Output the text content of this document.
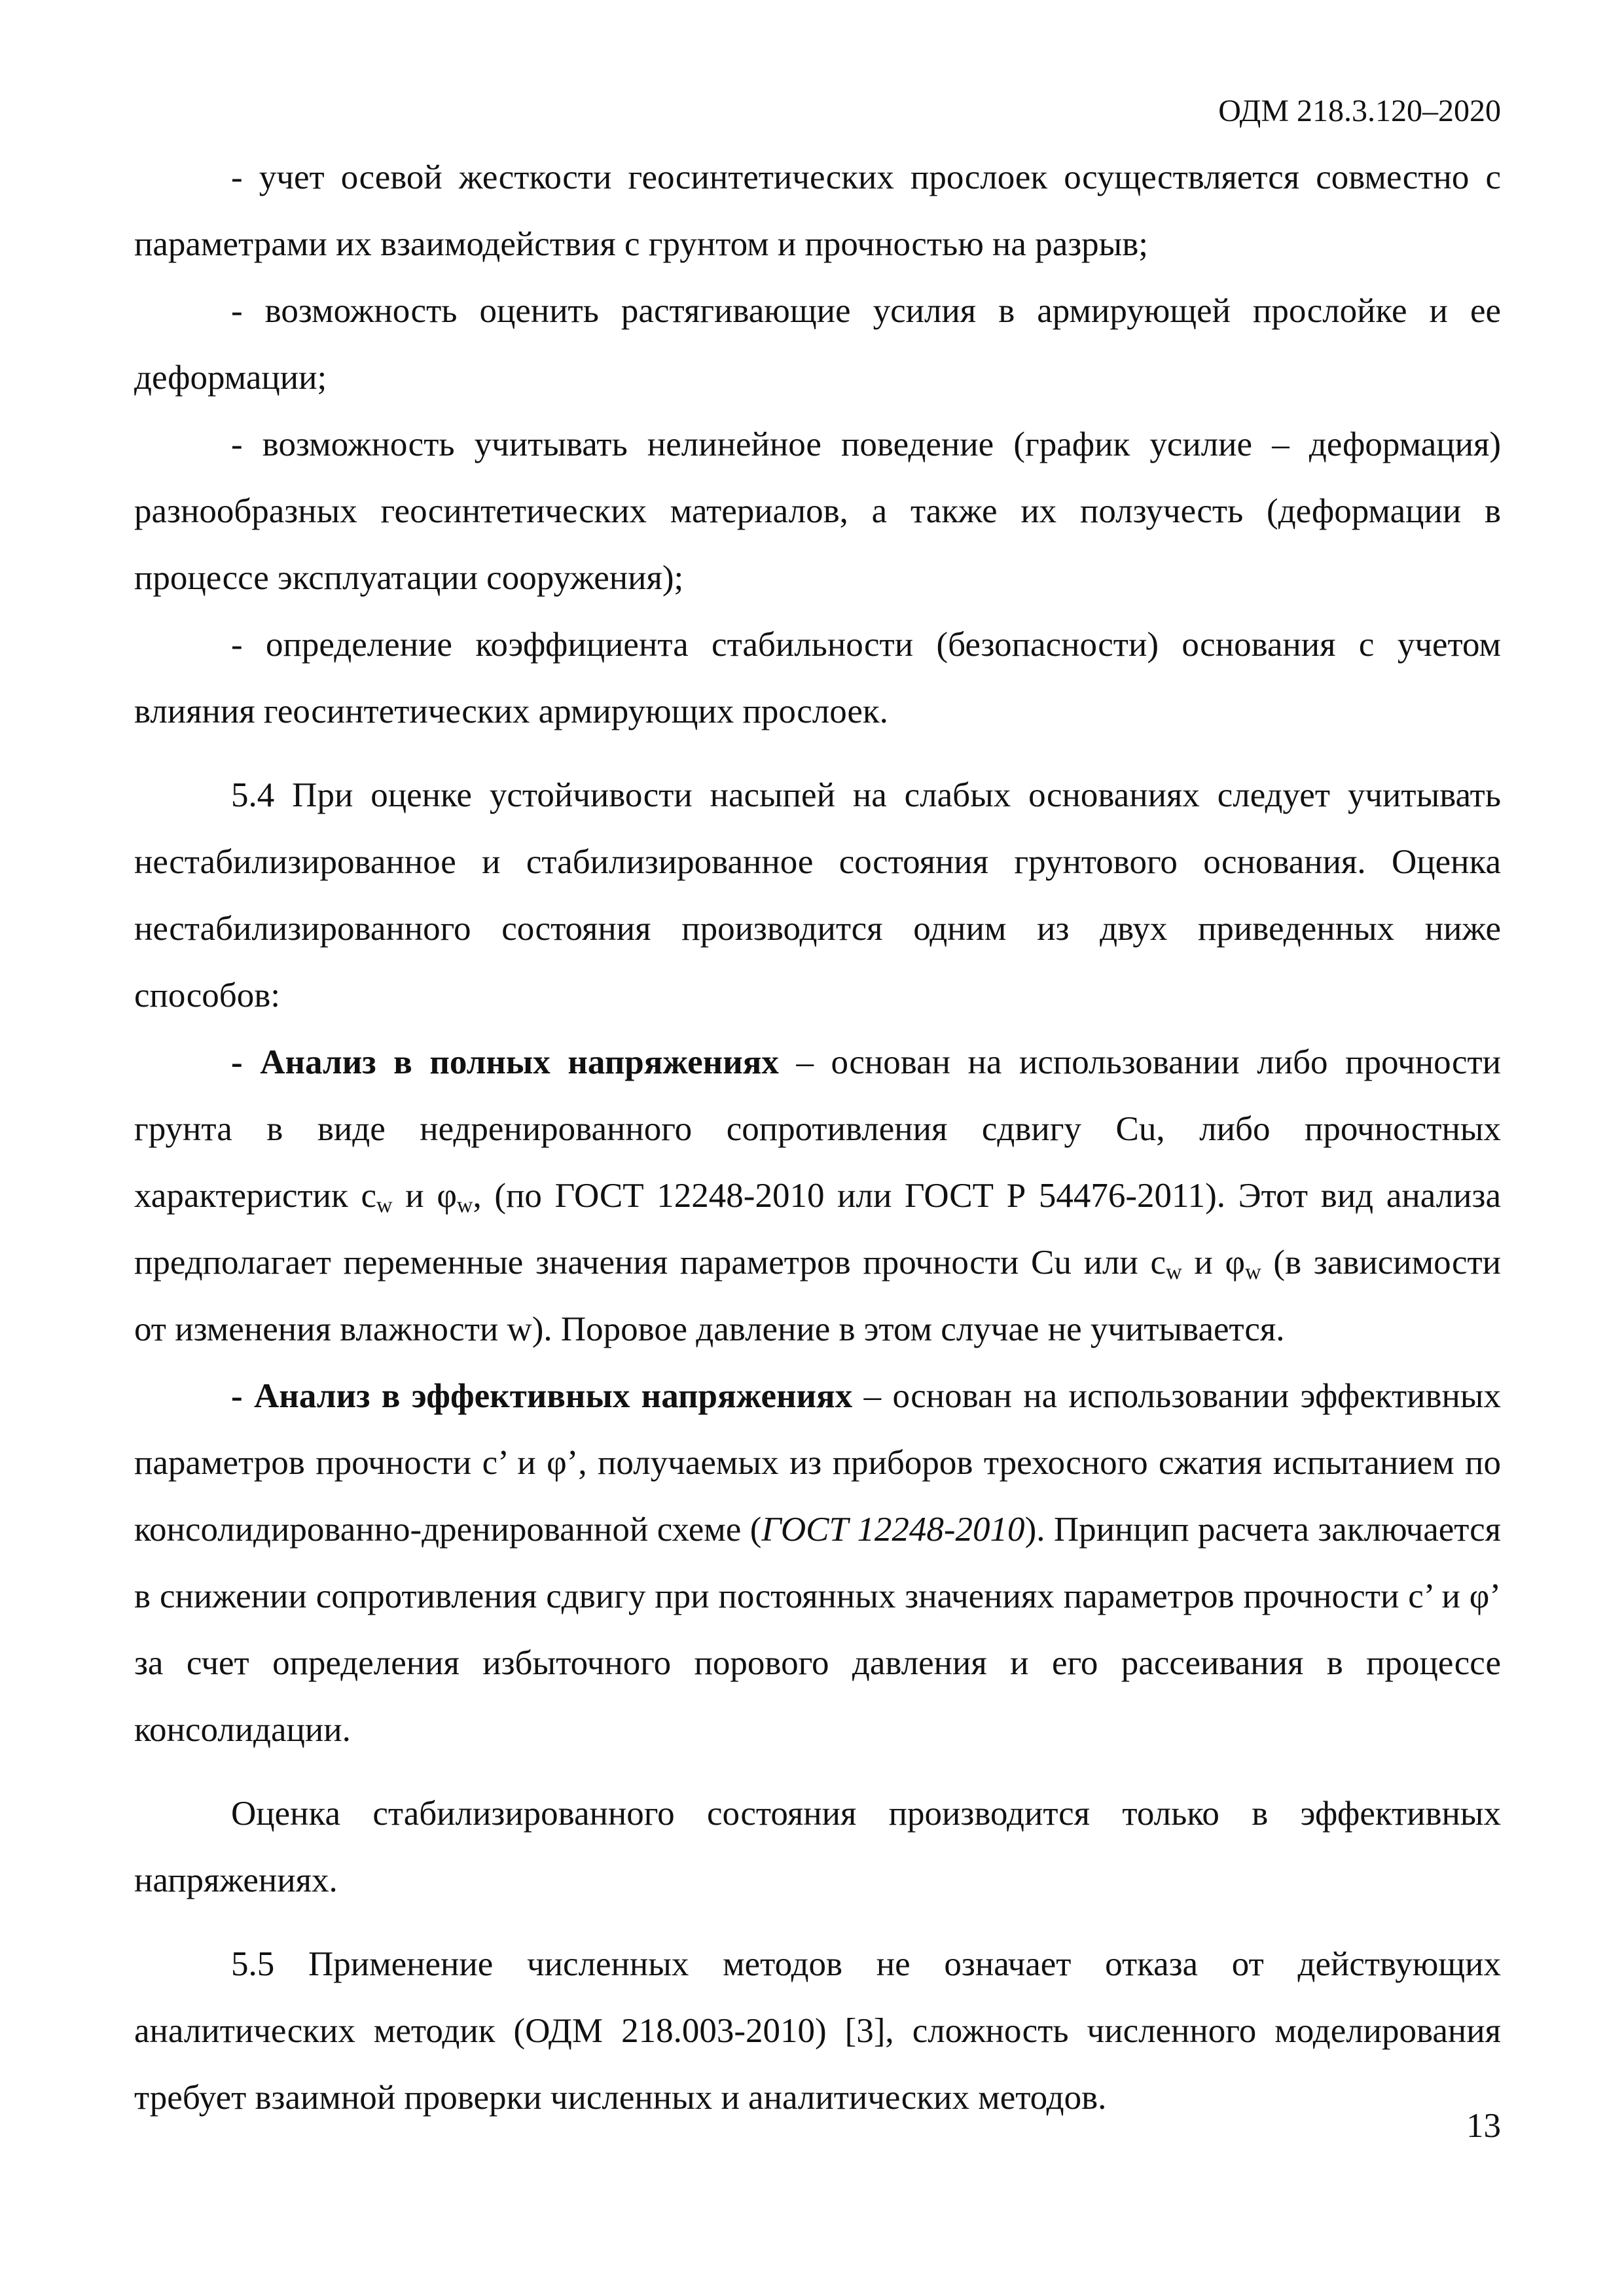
ОДМ 218.3.120–2020

- учет осевой жесткости геосинтетических прослоек осуществляется совместно с параметрами их взаимодействия с грунтом и прочностью на разрыв;

- возможность оценить растягивающие усилия в армирующей прослойке и ее деформации;

- возможность учитывать нелинейное поведение (график усилие – деформация) разнообразных геосинтетических материалов, а также их ползучесть (деформации в процессе эксплуатации сооружения);

- определение коэффициента стабильности (безопасности) основания с учетом влияния геосинтетических армирующих прослоек.

5.4 При оценке устойчивости насыпей на слабых основаниях следует учитывать нестабилизированное и стабилизированное состояния грунтового основания. Оценка нестабилизированного состояния производится одним из двух приведенных ниже способов:

- Анализ в полных напряжениях – основан на использовании либо прочности грунта в виде недренированного сопротивления сдвигу Cu, либо прочностных характеристик $c_w$ и $\varphi_w$, (по ГОСТ 12248-2010 или ГОСТ Р 54476-2011). Этот вид анализа предполагает переменные значения параметров прочности Cu или $c_w$ и $\varphi_w$ (в зависимости от изменения влажности w). Поровое давление в этом случае не учитывается.

- Анализ в эффективных напряжениях – основан на использовании эффективных параметров прочности c’ и φ’, получаемых из приборов трехосного сжатия испытанием по консолидированно-дренированной схеме (ГОСТ 12248-2010). Принцип расчета заключается в снижении сопротивления сдвигу при постоянных значениях параметров прочности c’ и φ’ за счет определения избыточного порового давления и его рассеивания в процессе консолидации.

Оценка стабилизированного состояния производится только в эффективных напряжениях.

5.5 Применение численных методов не означает отказа от действующих аналитических методик (ОДМ 218.003-2010) [3], сложность численного моделирования требует взаимной проверки численных и аналитических методов.

13
